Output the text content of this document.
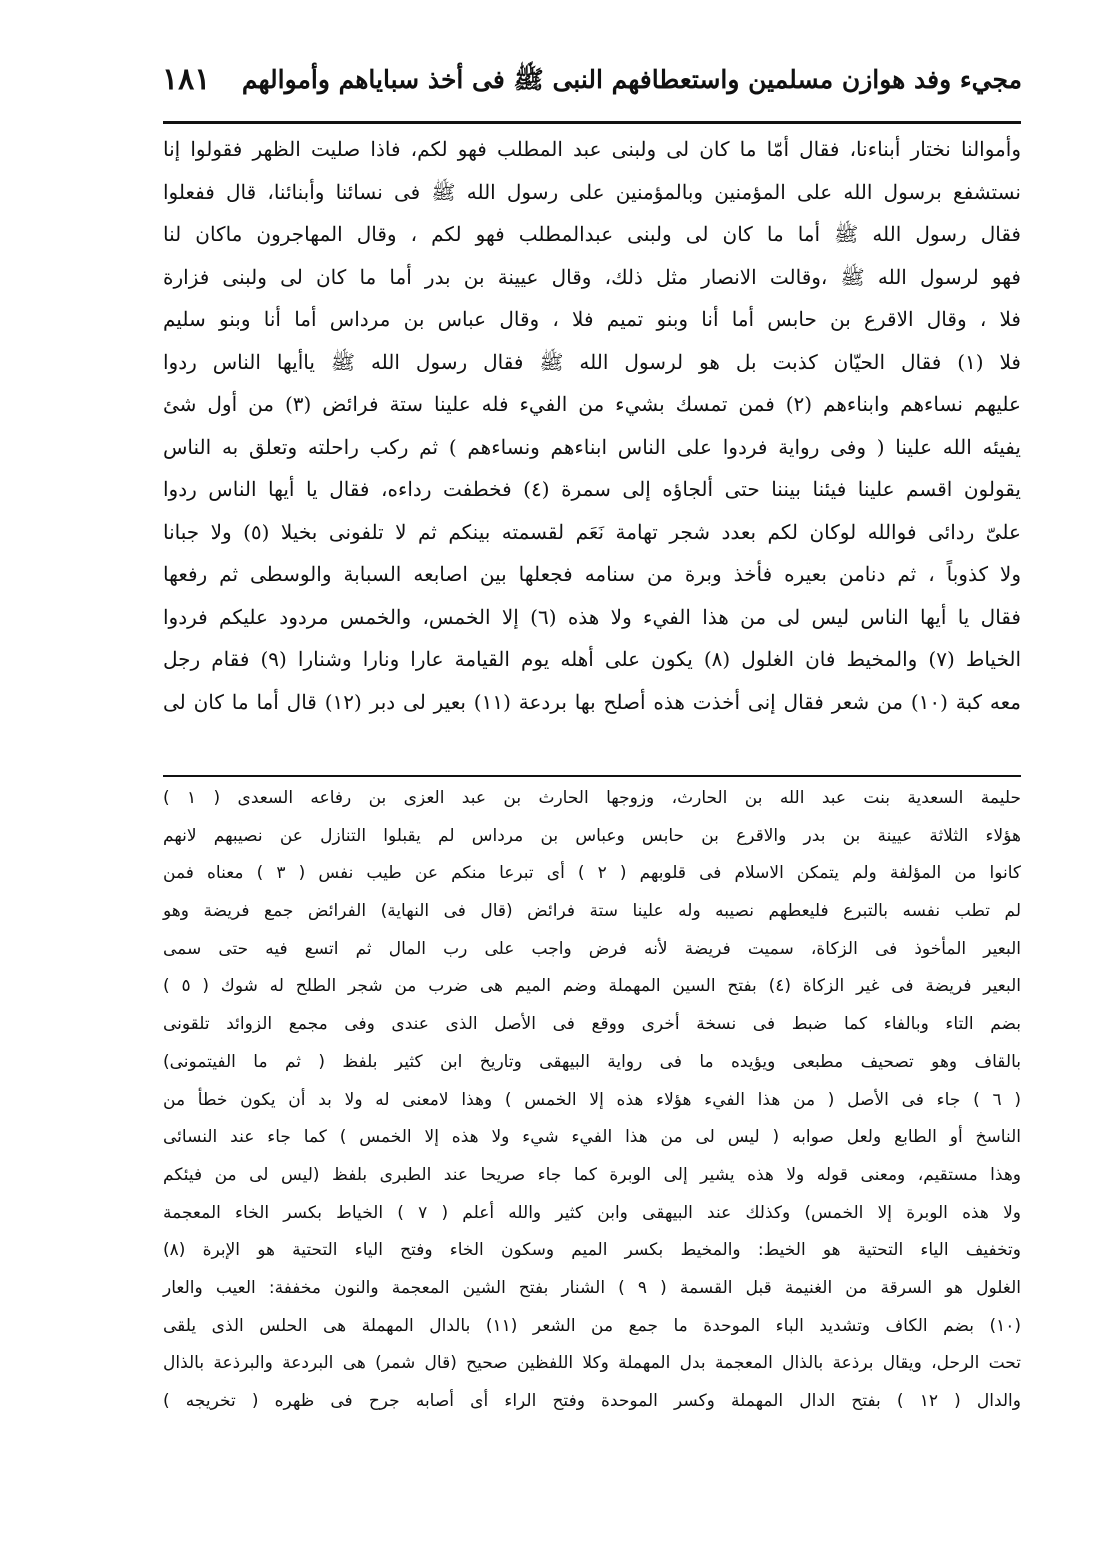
مجيء وفد هوازن مسلمين واستعطافهم النبى ﷺ فى أخذ سباياهم وأموالهم
١٨١
وأموالنا نختار أبناءنا، فقال أمّا ما كان لى ولبنى عبد المطلب فهو لكم، فاذا صليت الظهر فقولوا إنا
نستشفع برسول الله على المؤمنين وبالمؤمنين على رسول الله ﷺ فى نسائنا وأبنائنا، قال ففعلوا
فقال رسول الله ﷺ أما ما كان لى ولبنى عبدالمطلب فهو لكم ، وقال المهاجرون ماكان لنا
فهو لرسول الله ﷺ ،وقالت الانصار مثل ذلك، وقال عيينة بن بدر أما ما كان لى ولبنى فزارة
فلا ، وقال الاقرع بن حابس أما أنا وبنو تميم فلا ، وقال عباس بن مرداس أما أنا وبنو سليم
فلا (١) فقال الحيّان كذبت بل هو لرسول الله ﷺ فقال رسول الله ﷺ ياأيها الناس ردوا
عليهم نساءهم وابناءهم (٢) فمن تمسك بشيء من الفيء فله علينا ستة فرائض (٣) من أول شئ
يفيئه الله علينا ( وفى رواية فردوا على الناس ابناءهم ونساءهم ) ثم ركب راحلته وتعلق به الناس
يقولون اقسم علينا فيئنا بيننا حتى ألجاؤه إلى سمرة (٤) فخطفت رداءه، فقال يا أيها الناس ردوا
علىّ ردائى فوالله لوكان لكم بعدد شجر تهامة نَعَم لقسمته بينكم ثم لا تلفونى بخيلا (٥) ولا جبانا
ولا كذوباً ، ثم دنامن بعيره فأخذ وبرة من سنامه فجعلها بين اصابعه السبابة والوسطى ثم رفعها
فقال يا أيها الناس ليس لى من هذا الفيء ولا هذه (٦) إلا الخمس، والخمس مردود عليكم فردوا
الخياط (٧) والمخيط فان الغلول (٨) يكون على أهله يوم القيامة عارا ونارا وشنارا (٩) فقام رجل
معه كبة (١٠) من شعر فقال إنى أخذت هذه أصلح بها بردعة (١١) بعير لى دبر (١٢) قال أما ما كان لى
حليمة السعدية بنت عبد الله بن الحارث، وزوجها الحارث بن عبد العزى بن رفاعه السعدى ( ١ )
هؤلاء الثلاثة عيينة بن بدر والاقرع بن حابس وعباس بن مرداس لم يقبلوا التنازل عن نصيبهم لانهم
كانوا من المؤلفة ولم يتمكن الاسلام فى قلوبهم ( ٢ ) أى تبرعا منكم عن طيب نفس ( ٣ ) معناه فمن
لم تطب نفسه بالتبرع فليعطهم نصيبه وله علينا ستة فرائض (قال فى النهاية) الفرائض جمع فريضة وهو
البعير المأخوذ فى الزكاة، سميت فريضة لأنه فرض واجب على رب المال ثم اتسع فيه حتى سمى
البعير فريضة فى غير الزكاة (٤) بفتح السين المهملة وضم الميم هى ضرب من شجر الطلح له شوك ( ٥ )
بضم التاء وبالفاء كما ضبط فى نسخة أخرى ووقع فى الأصل الذى عندى وفى مجمع الزوائد تلقونى
بالقاف وهو تصحيف مطبعى ويؤيده ما فى رواية البيهقى وتاريخ ابن كثير بلفظ ( ثم ما الفيتمونى)
( ٦ ) جاء فى الأصل ( من هذا الفيء هؤلاء هذه إلا الخمس ) وهذا لامعنى له ولا بد أن يكون خطأ من
الناسخ أو الطابع ولعل صوابه ( ليس لى من هذا الفيء شيء ولا هذه إلا الخمس ) كما جاء عند النسائى
وهذا مستقيم، ومعنى قوله ولا هذه يشير إلى الوبرة كما جاء صريحا عند الطبرى بلفظ (ليس لى من فيئكم
ولا هذه الوبرة إلا الخمس) وكذلك عند البيهقى وابن كثير والله أعلم ( ٧ ) الخياط بكسر الخاء المعجمة
وتخفيف الياء التحتية هو الخيط: والمخيط بكسر الميم وسكون الخاء وفتح الياء التحتية هو الإبرة (٨)
الغلول هو السرقة من الغنيمة قبل القسمة ( ٩ ) الشنار بفتح الشين المعجمة والنون مخففة: العيب والعار
(١٠) بضم الكاف وتشديد الباء الموحدة ما جمع من الشعر (١١) بالدال المهملة هى الحلس الذى يلقى
تحت الرحل، ويقال برذعة بالذال المعجمة بدل المهملة وكلا اللفظين صحيح (قال شمر) هى البردعة والبرذعة بالذال
والدال ( ١٢ ) بفتح الدال المهملة وكسر الموحدة وفتح الراء أى أصابه جرح فى ظهره ( تخريجه )
